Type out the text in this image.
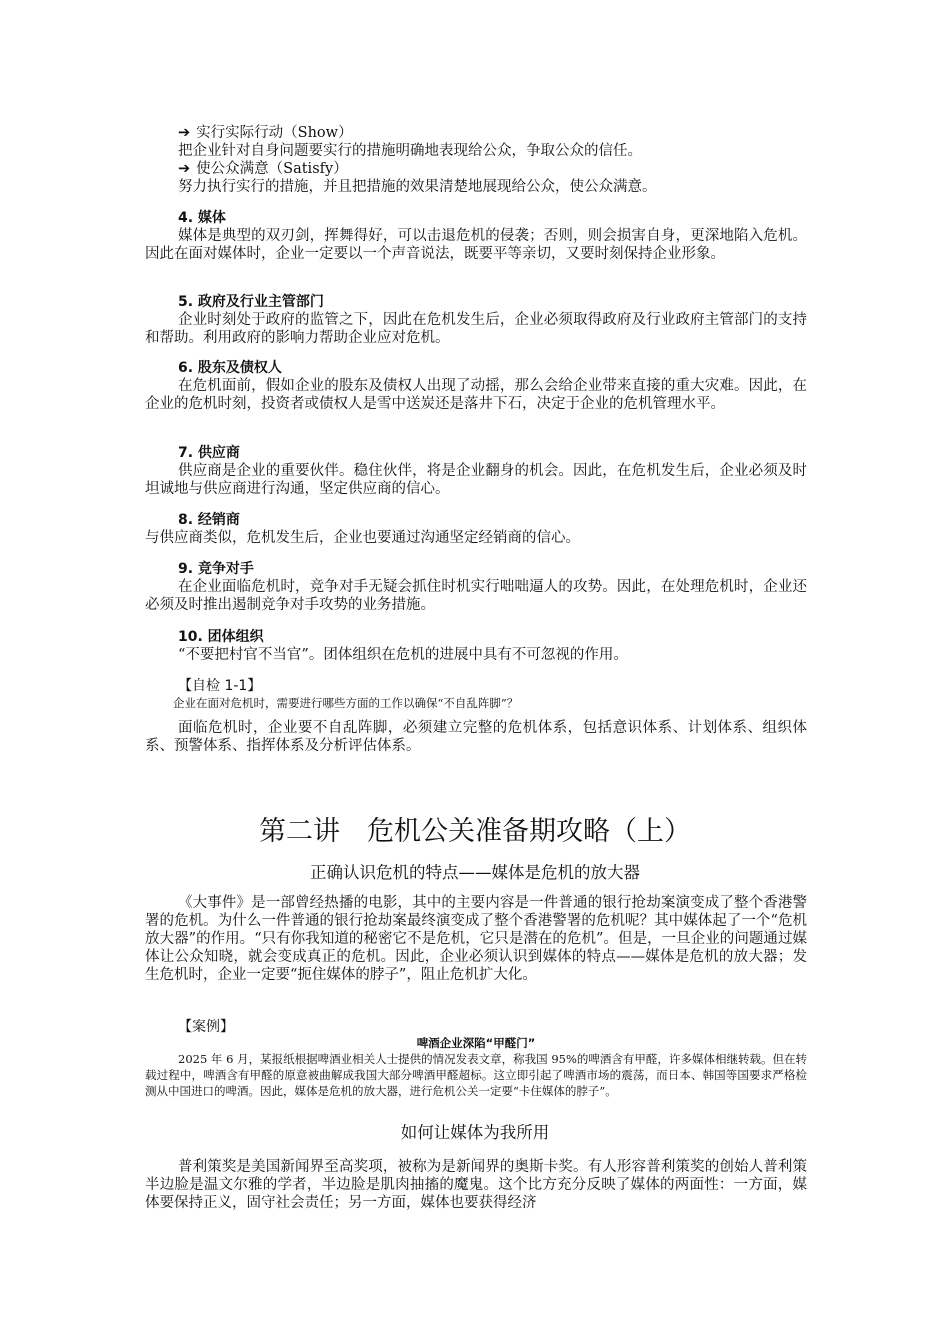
➔ 实行实际行动（Show）

把企业针对自身问题要实行的措施明确地表现给公众，争取公众的信任。

➔ 使公众满意（Satisfy）

努力执行实行的措施，并且把措施的效果清楚地展现给公众，使公众满意。

4. 媒体

媒体是典型的双刃剑，挥舞得好，可以击退危机的侵袭；否则，则会损害自身，更深地陷入危机。因此在面对媒体时，企业一定要以一个声音说法，既要平等亲切，又要时刻保持企业形象。

5. 政府及行业主管部门

企业时刻处于政府的监管之下，因此在危机发生后，企业必须取得政府及行业政府主管部门的支持和帮助。利用政府的影响力帮助企业应对危机。

6. 股东及债权人

在危机面前，假如企业的股东及债权人出现了动摇，那么会给企业带来直接的重大灾难。因此，在企业的危机时刻，投资者或债权人是雪中送炭还是落井下石，决定于企业的危机管理水平。

7. 供应商

供应商是企业的重要伙伴。稳住伙伴，将是企业翻身的机会。因此，在危机发生后，企业必须及时坦诚地与供应商进行沟通，坚定供应商的信心。

8. 经销商

与供应商类似，危机发生后，企业也要通过沟通坚定经销商的信心。

9. 竞争对手

在企业面临危机时，竞争对手无疑会抓住时机实行咄咄逼人的攻势。因此，在处理危机时，企业还必须及时推出遏制竞争对手攻势的业务措施。

10. 团体组织

“不要把村官不当官”。团体组织在危机的进展中具有不可忽视的作用。

【自检 1-1】

企业在面对危机时，需要进行哪些方面的工作以确保“不自乱阵脚”？

面临危机时，企业要不自乱阵脚，必须建立完整的危机体系，包括意识体系、计划体系、组织体系、预警体系、指挥体系及分析评估体系。

第二讲　危机公关准备期攻略（上）
正确认识危机的特点——媒体是危机的放大器

《大事件》是一部曾经热播的电影，其中的主要内容是一件普通的银行抢劫案演变成了整个香港警署的危机。为什么一件普通的银行抢劫案最终演变成了整个香港警署的危机呢？其中媒体起了一个“危机放大器”的作用。“只有你我知道的秘密它不是危机，它只是潜在的危机”。但是，一旦企业的问题通过媒体让公众知晓，就会变成真正的危机。因此，企业必须认识到媒体的特点——媒体是危机的放大器；发生危机时，企业一定要“扼住媒体的脖子”，阻止危机扩大化。

【案例】

啤酒企业深陷“甲醛门”

2025 年 6 月，某报纸根据啤酒业相关人士提供的情况发表文章，称我国 95%的啤酒含有甲醛，许多媒体相继转载。但在转载过程中，啤酒含有甲醛的原意被曲解成我国大部分啤酒甲醛超标。这立即引起了啤酒市场的震荡，而日本、韩国等国要求严格检测从中国进口的啤酒。因此，媒体是危机的放大器，进行危机公关一定要“卡住媒体的脖子”。

如何让媒体为我所用

普利策奖是美国新闻界至高奖项，被称为是新闻界的奥斯卡奖。有人形容普利策奖的创始人普利策半边脸是温文尔雅的学者，半边脸是肌肉抽搐的魔鬼。这个比方充分反映了媒体的两面性：一方面，媒体要保持正义，固守社会责任；另一方面，媒体也要获得经济
